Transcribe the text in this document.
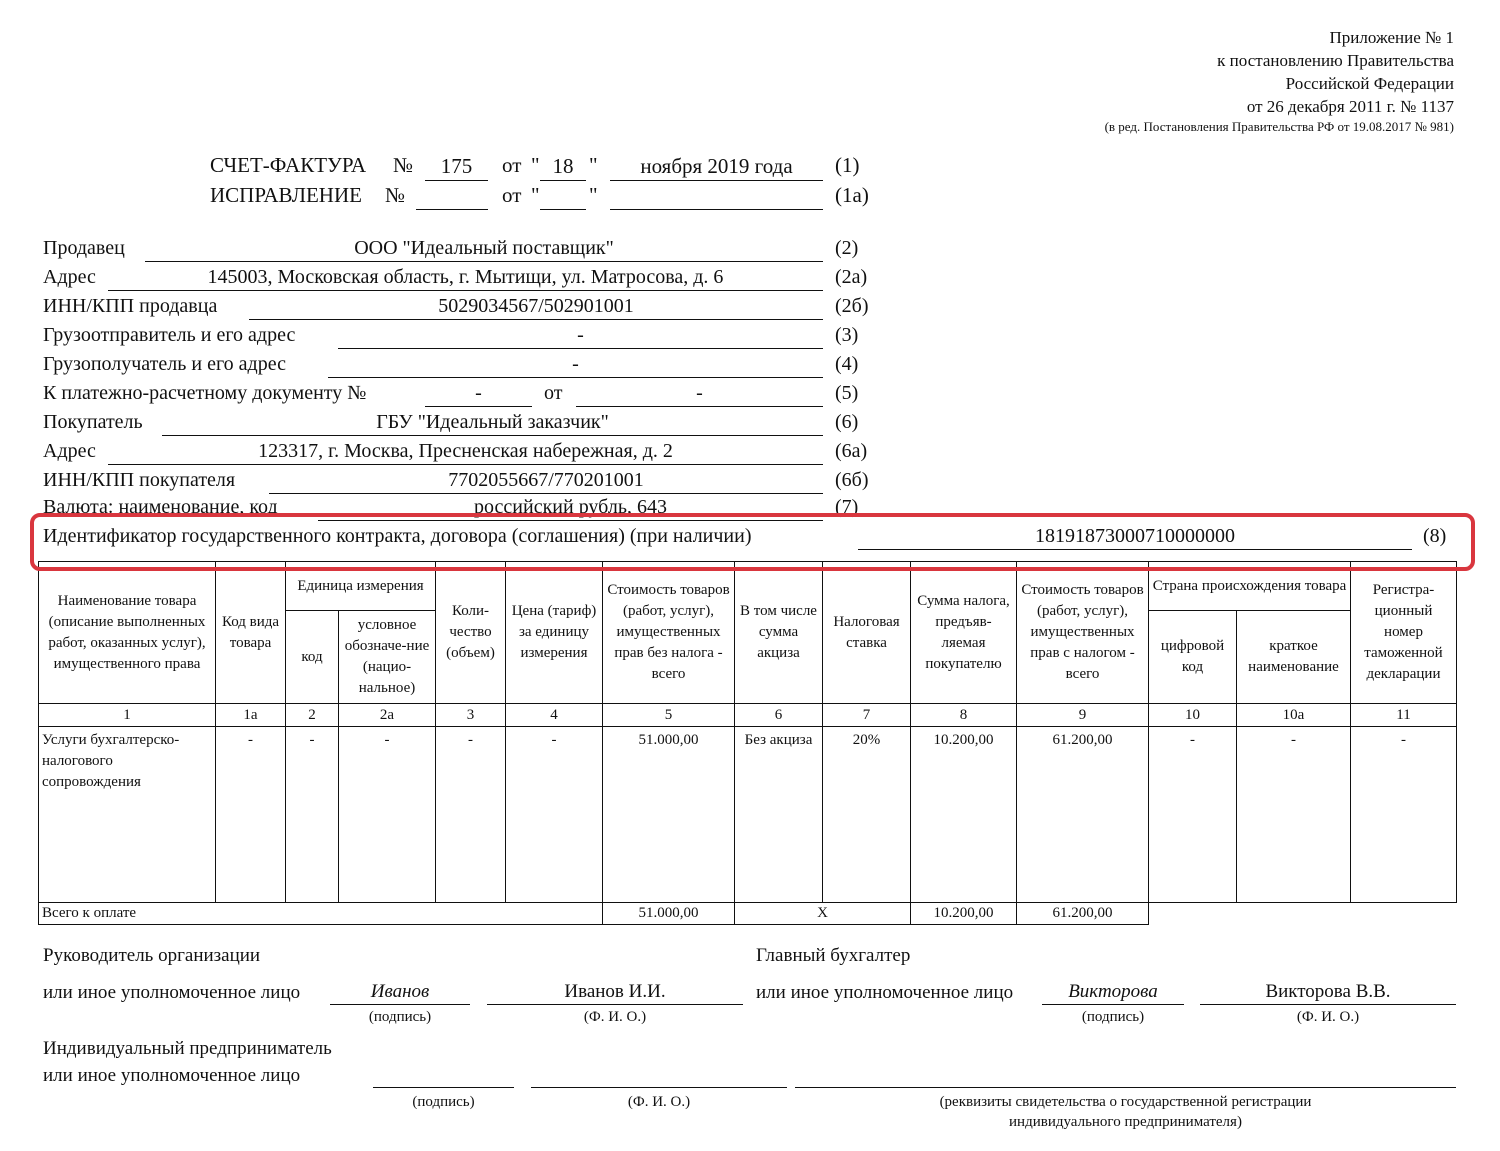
Приложение № 1
к постановлению Правительства
Российской Федерации
от 26 декабря 2011 г. № 1137
(в ред. Постановления Правительства РФ от 19.08.2017 № 981)
СЧЕТ-ФАКТУРА №	175	от " 18 "	ноября 2019 года	(1)
ИСПРАВЛЕНИЕ №	от " "	(1а)
Продавец	ООО "Идеальный поставщик"	(2)
Адрес	145003, Московская область, г. Мытищи, ул. Матросова, д. 6	(2а)
ИНН/КПП продавца	5029034567/502901001	(2б)
Грузоотправитель и его адрес	-	(3)
Грузополучатель и его адрес	-	(4)
К платежно-расчетному документу №	-	от	-	(5)
Покупатель	ГБУ "Идеальный заказчик"	(6)
Адрес	123317, г. Москва, Пресненская набережная, д. 2	(6а)
ИНН/КПП покупателя	7702055667/770201001	(6б)
Валюта: наименование, код	российский рубль, 643	(7)
Идентификатор государственного контракта, договора (соглашения) (при наличии)	18191873000710000000	(8)
Наименование товара (описание выполненных работ, оказанных услуг), имущественного права	Код вида товара	Единица измерения		Коли-чество (объем)	Цена (тариф) за единицу измерения	Стоимость товаров (работ, услуг), имущественных прав без налога - всего	В том числе сумма акциза	Налоговая ставка	Сумма налога, предъяв-ляемая покупателю	Стоимость товаров (работ, услуг), имущественных прав с налогом - всего	Страна происхождения товара		Регистра-ционный номер таможенной декларации
		код	условное обозначе-ние (нацио-нальное)								цифровой код	краткое наименование	
1	1а	2	2а	3	4	5	6	7	8	9	10	10а	11
Услуги бухгалтерско-налогового сопровождения	-	-	-	-	-	51.000,00	Без акциза	20%	10.200,00	61.200,00	-	-	-
Всего к оплате						51.000,00	X		10.200,00	61.200,00			
Руководитель организации
или иное уполномоченное лицо	Иванов	Иванов И.И.
(подпись)	(Ф. И. О.)
Главный бухгалтер
или иное уполномоченное лицо	Викторова	Викторова В.В.
(подпись)	(Ф. И. О.)
Индивидуальный предприниматель
или иное уполномоченное лицо
(подпись)	(Ф. И. О.)	(реквизиты свидетельства о государственной регистрации
индивидуального предпринимателя)
